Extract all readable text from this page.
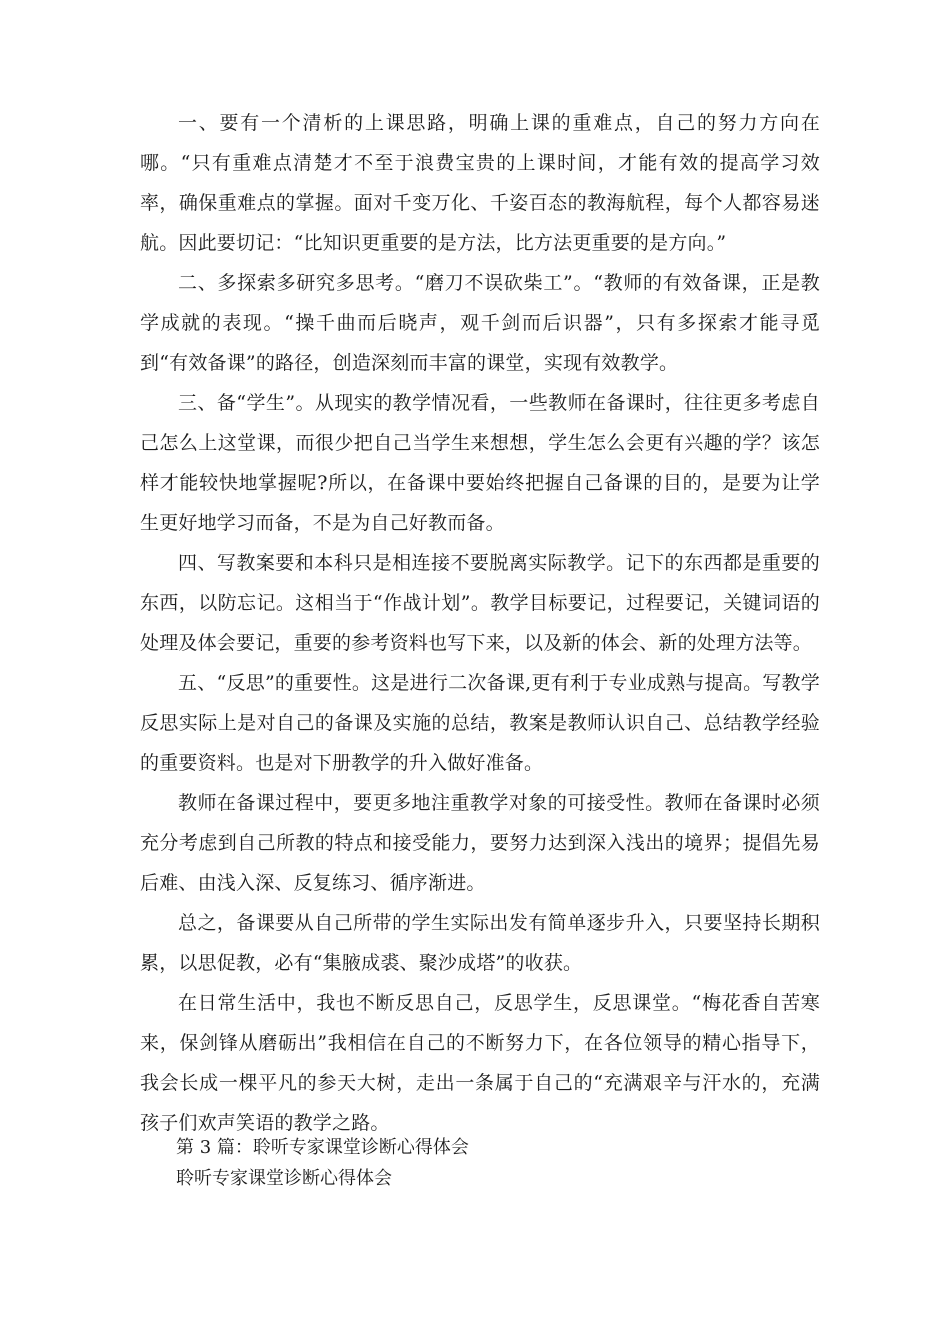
一、要有一个清析的上课思路，明确上课的重难点，自己的努力方向在哪。“只有重难点清楚才不至于浪费宝贵的上课时间，才能有效的提高学习效率，确保重难点的掌握。面对千变万化、千姿百态的教海航程，每个人都容易迷航。因此要切记：“比知识更重要的是方法，比方法更重要的是方向。”

二、多探索多研究多思考。“磨刀不误砍柴工”。“教师的有效备课，正是教学成就的表现。“操千曲而后晓声，观千剑而后识器”，只有多探索才能寻觅到“有效备课”的路径，创造深刻而丰富的课堂，实现有效教学。

三、备“学生”。从现实的教学情况看，一些教师在备课时，往往更多考虑自己怎么上这堂课，而很少把自己当学生来想想，学生怎么会更有兴趣的学？该怎样才能较快地掌握呢?所以，在备课中要始终把握自己备课的目的，是要为让学生更好地学习而备，不是为自己好教而备。

四、写教案要和本科只是相连接不要脱离实际教学。记下的东西都是重要的东西，以防忘记。这相当于“作战计划”。教学目标要记，过程要记，关键词语的处理及体会要记，重要的参考资料也写下来，以及新的体会、新的处理方法等。

五、“反思”的重要性。这是进行二次备课,更有利于专业成熟与提高。写教学反思实际上是对自己的备课及实施的总结，教案是教师认识自己、总结教学经验的重要资料。也是对下册教学的升入做好准备。

教师在备课过程中，要更多地注重教学对象的可接受性。教师在备课时必须充分考虑到自己所教的特点和接受能力，要努力达到深入浅出的境界；提倡先易后难、由浅入深、反复练习、循序渐进。

总之，备课要从自己所带的学生实际出发有简单逐步升入，只要坚持长期积累，以思促教，必有“集腋成裘、聚沙成塔”的收获。

在日常生活中，我也不断反思自己，反思学生，反思课堂。“梅花香自苦寒来，保剑锋从磨砺出”我相信在自己的不断努力下，在各位领导的精心指导下，我会长成一棵平凡的参天大树，走出一条属于自己的“充满艰辛与汗水的，充满孩子们欢声笑语的教学之路。

第 3 篇：聆听专家课堂诊断心得体会

聆听专家课堂诊断心得体会
